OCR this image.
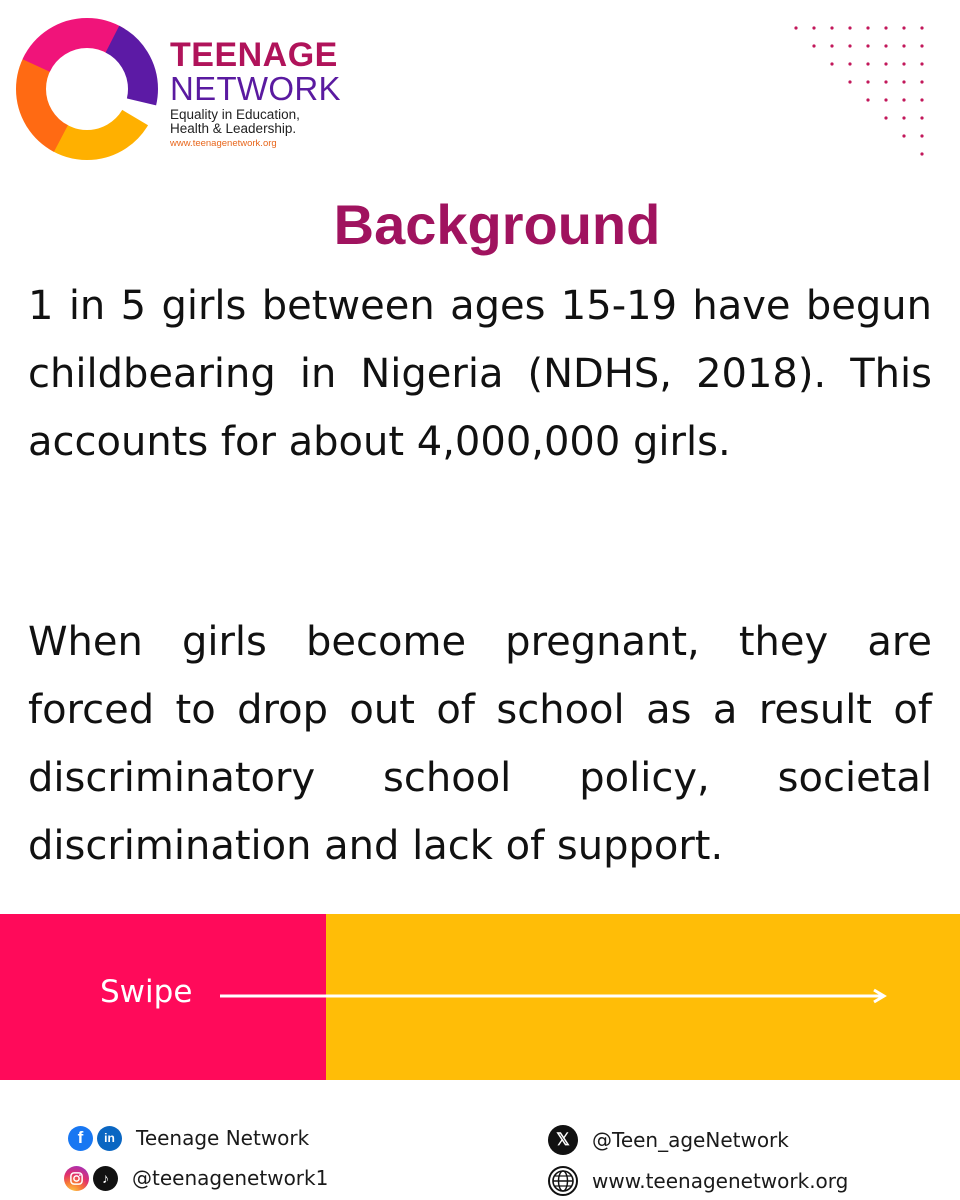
TEENAGE
NETWORK
Equality in Education, Health & Leadership.
www.teenagenetwork.org
Background

1 in 5 girls between ages 15-19 have begun childbearing in Nigeria (NDHS, 2018). This accounts for about 4,000,000 girls.

When girls become pregnant, they are forced to drop out of school as a result of discriminatory school policy, societal discrimination and lack of support.

Swipe
f	in	Teenage Network
♪	@teenagenetwork1
𝕏	@Teen_ageNetwork
www.teenagenetwork.org
